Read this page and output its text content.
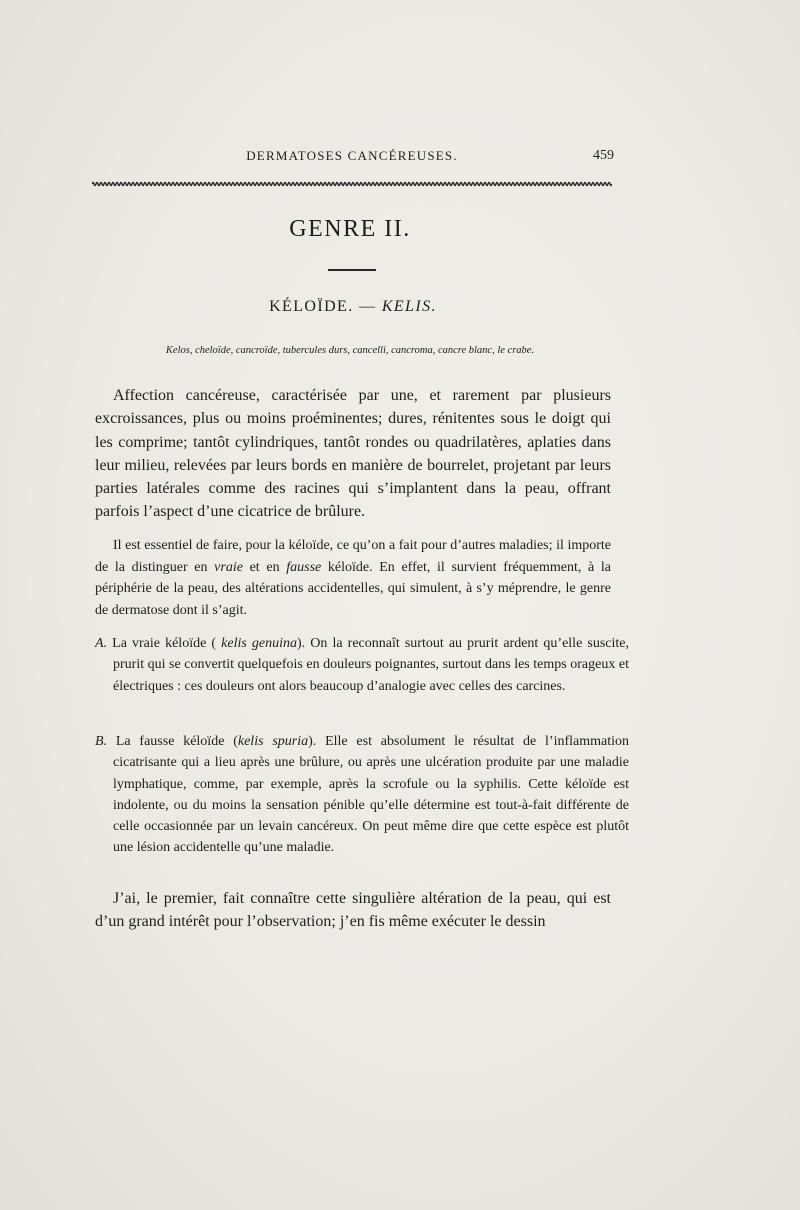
DERMATOSES CANCÉREUSES.	459
GENRE II.
KÉLOÏDE. — KELIS.
Kelos, cheloïde, cancroïde, tubercules durs, cancelli, cancroma, cancre blanc, le crabe.
Affection cancéreuse, caractérisée par une, et rarement par plusieurs excroissances, plus ou moins proéminentes; dures, rénitentes sous le doigt qui les comprime; tantôt cylindriques, tantôt rondes ou quadrilatères, aplaties dans leur milieu, relevées par leurs bords en manière de bourrelet, projetant par leurs parties latérales comme des racines qui s’implantent dans la peau, offrant parfois l’aspect d’une cicatrice de brûlure.
Il est essentiel de faire, pour la kéloïde, ce qu’on a fait pour d’autres maladies; il importe de la distinguer en vraie et en fausse kéloïde. En effet, il survient fréquemment, à la périphérie de la peau, des altérations accidentelles, qui simulent, à s’y méprendre, le genre de dermatose dont il s’agit.
A. La vraie kéloïde ( kelis genuina). On la reconnaît surtout au prurit ardent qu’elle suscite, prurit qui se convertit quelquefois en douleurs poignantes, surtout dans les temps orageux et électriques : ces douleurs ont alors beaucoup d’analogie avec celles des carcines.
B. La fausse kéloïde (kelis spuria). Elle est absolument le résultat de l’inflammation cicatrisante qui a lieu après une brûlure, ou après une ulcération produite par une maladie lymphatique, comme, par exemple, après la scrofule ou la syphilis. Cette kéloïde est indolente, ou du moins la sensation pénible qu’elle détermine est tout-à-fait différente de celle occasionnée par un levain cancéreux. On peut même dire que cette espèce est plutôt une lésion accidentelle qu’une maladie.
J’ai, le premier, fait connaître cette singulière altération de la peau, qui est d’un grand intérêt pour l’observation; j’en fis même exécuter le dessin
